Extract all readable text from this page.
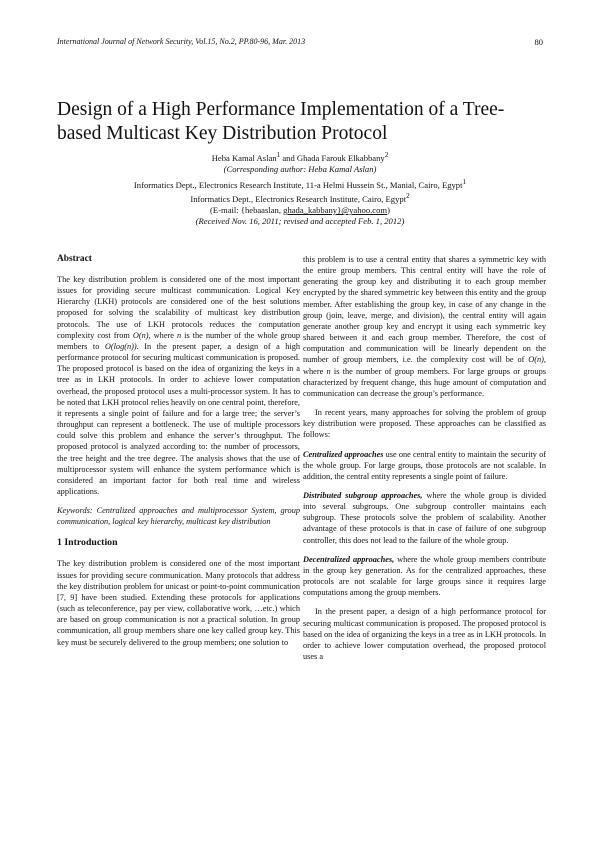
International Journal of Network Security, Vol.15, No.2, PP.80-96, Mar. 2013	80
Design of a High Performance Implementation of a Tree-based Multicast Key Distribution Protocol
Heba Kamal Aslan$^1$ and Ghada Farouk Elkabbany$^2$
(Corresponding author: Heba Kamal Aslan)
Informatics Dept., Electronics Research Institute, 11-a Helmi Hussein St., Manial, Cairo, Egypt$^1$
Informatics Dept., Electronics Research Institute, Cairo, Egypt$^2$
(E-mail: {hebaaslan, ghada_kabbany}@yahoo.com)
(Received Nov. 16, 2011; revised and accepted Feb. 1, 2012)
Abstract

The key distribution problem is considered one of the most important issues for providing secure multicast communication. Logical Key Hierarchy (LKH) protocols are considered one of the best solutions proposed for solving the scalability of multicast key distribution protocols. The use of LKH protocols reduces the computation complexity cost from O(n), where n is the number of the whole group members to O(log(n)). In the present paper, a design of a high performance protocol for securing multicast communication is proposed. The proposed protocol is based on the idea of organizing the keys in a tree as in LKH protocols. In order to achieve lower computation overhead, the proposed protocol uses a multi-processor system. It has to be noted that LKH protocol relies heavily on one central point, therefore, it represents a single point of failure and for a large tree; the server’s throughput can represent a bottleneck. The use of multiple processors could solve this problem and enhance the server’s throughput. The proposed protocol is analyzed according to: the number of processors, the tree height and the tree degree. The analysis shows that the use of multiprocessor system will enhance the system performance which is considered an important factor for both real time and wireless applications.

Keywords: Centralized approaches and multiprocessor System, group communication, logical key hierarchy, multicast key distribution

1 Introduction

The key distribution problem is considered one of the most important issues for providing secure communication. Many protocols that address the key distribution problem for unicast or point-to-point communication [7, 9] have been studied. Extending these protocols for applications (such as teleconference, pay per view, collaborative work, …etc.) which are based on group communication is not a practical solution. In group communication, all group members share one key called group key. This key must be securely delivered to the group members; one solution to

this problem is to use a central entity that shares a symmetric key with the entire group members. This central entity will have the role of generating the group key and distributing it to each group member encrypted by the shared symmetric key between this entity and the group member. After establishing the group key, in case of any change in the group (join, leave, merge, and division), the central entity will again generate another group key and encrypt it using each symmetric key shared between it and each group member. Therefore, the cost of computation and communication will be linearly dependent on the number of group members, i.e. the complexity cost will be of O(n), where n is the number of group members. For large groups or groups characterized by frequent change, this huge amount of computation and communication can decrease the group’s performance.

In recent years, many approaches for solving the problem of group key distribution were proposed. These approaches can be classified as follows:

Centralized approaches use one central entity to maintain the security of the whole group. For large groups, those protocols are not scalable. In addition, the central entity represents a single point of failure.

Distributed subgroup approaches, where the whole group is divided into several subgroups. One subgroup controller maintains each subgroup. These protocols solve the problem of scalability. Another advantage of these protocols is that in case of failure of one subgroup controller, this does not lead to the failure of the whole group.

Decentralized approaches, where the whole group members contribute in the group key generation. As for the centralized approaches, these protocols are not scalable for large groups since it requires large computations among the group members.

In the present paper, a design of a high performance protocol for securing multicast communication is proposed. The proposed protocol is based on the idea of organizing the keys in a tree as in LKH protocols. In order to achieve lower computation overhead, the proposed protocol uses a
